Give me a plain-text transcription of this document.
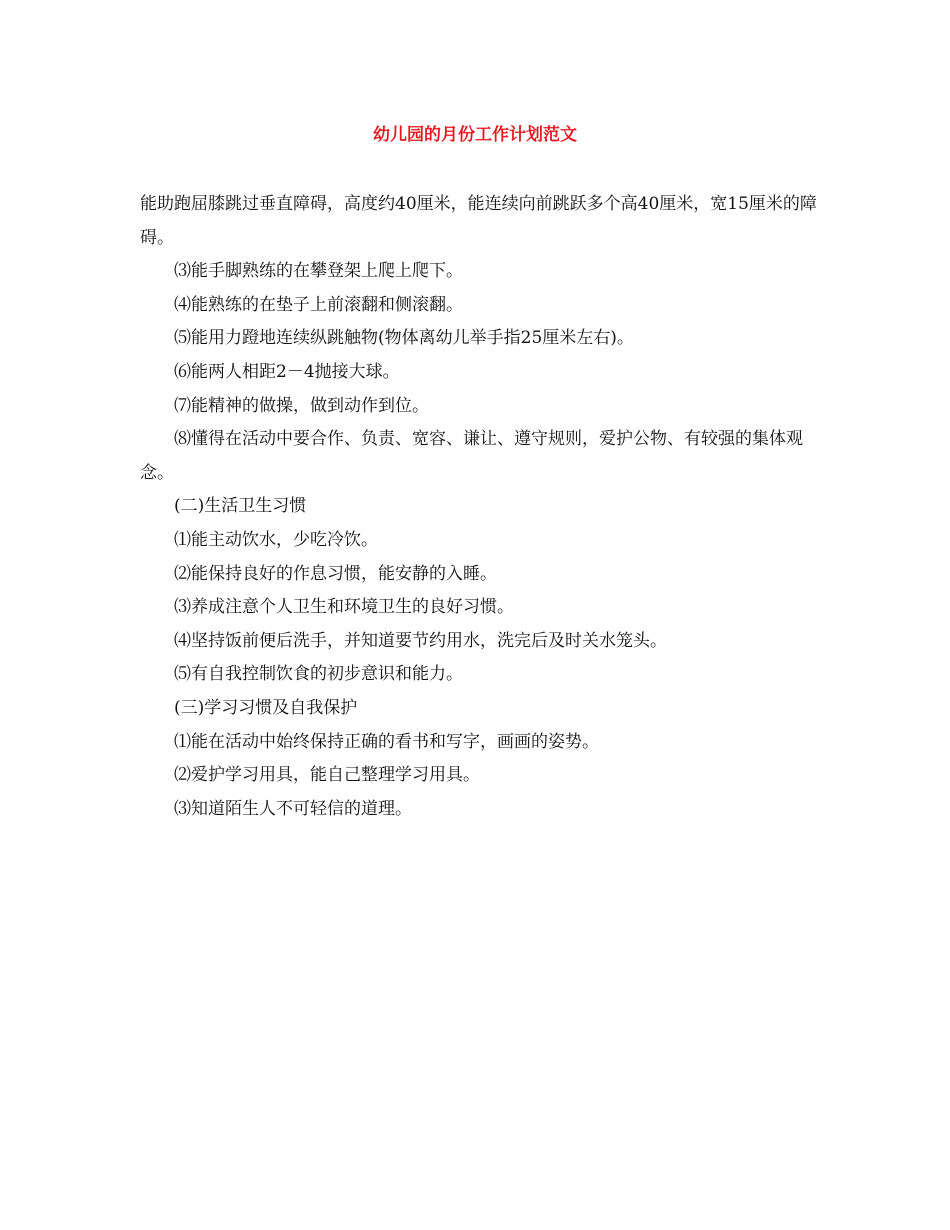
幼儿园的月份工作计划范文

能助跑屈膝跳过垂直障碍，高度约40厘米，能连续向前跳跃多个高40厘米，宽15厘米的障碍。

⑶能手脚熟练的在攀登架上爬上爬下。

⑷能熟练的在垫子上前滚翻和侧滚翻。

⑸能用力蹬地连续纵跳触物(物体离幼儿举手指25厘米左右)。

⑹能两人相距2－4抛接大球。

⑺能精神的做操，做到动作到位。

⑻懂得在活动中要合作、负责、宽容、谦让、遵守规则，爱护公物、有较强的集体观念。

(二)生活卫生习惯

⑴能主动饮水，少吃冷饮。

⑵能保持良好的作息习惯，能安静的入睡。

⑶养成注意个人卫生和环境卫生的良好习惯。

⑷坚持饭前便后洗手，并知道要节约用水，洗完后及时关水笼头。

⑸有自我控制饮食的初步意识和能力。

(三)学习习惯及自我保护

⑴能在活动中始终保持正确的看书和写字，画画的姿势。

⑵爱护学习用具，能自己整理学习用具。

⑶知道陌生人不可轻信的道理。
